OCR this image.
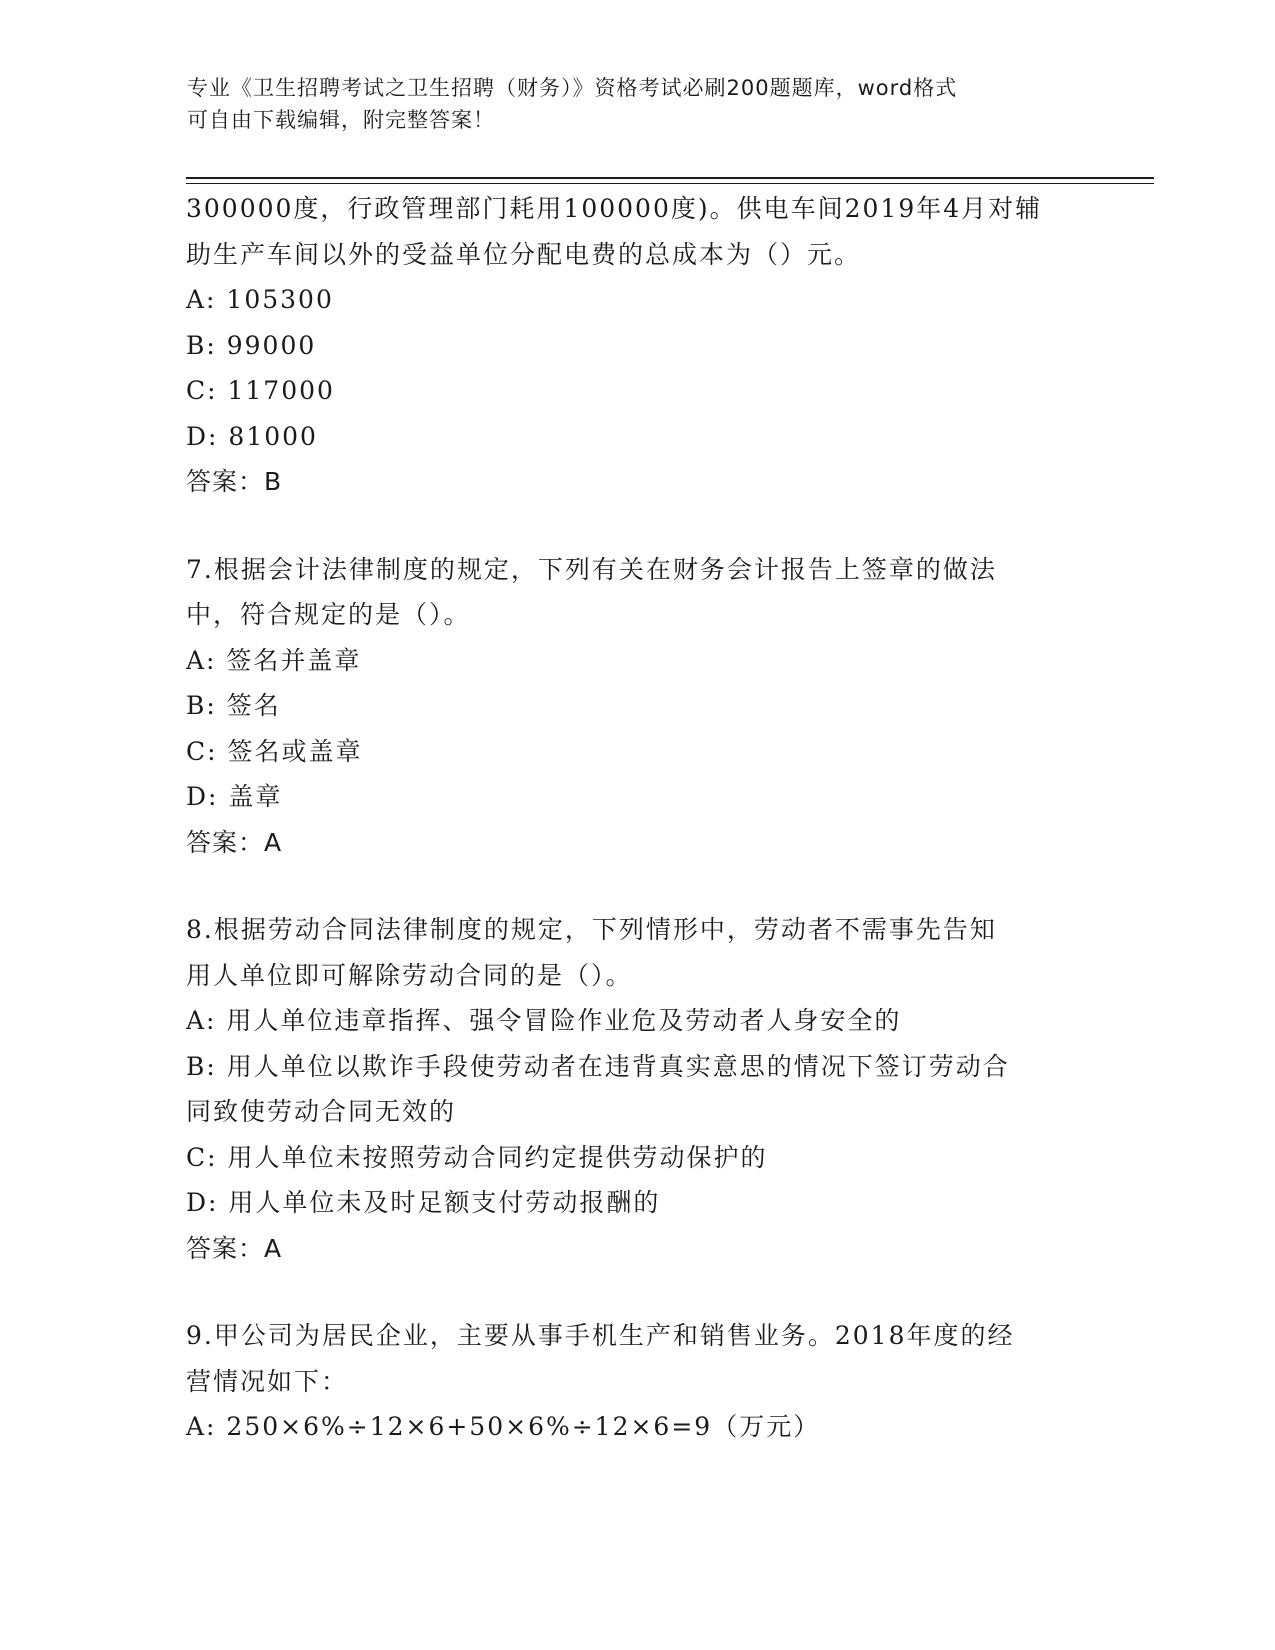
专业《卫生招聘考试之卫生招聘（财务）》资格考试必刷200题题库，word格式
可自由下载编辑，附完整答案！
300000度，行政管理部门耗用100000度)。供电车间2019年4月对辅
助生产车间以外的受益单位分配电费的总成本为（）元。
A: 105300
B: 99000
C: 117000
D: 81000
答案：B
7.根据会计法律制度的规定，下列有关在财务会计报告上签章的做法
中，符合规定的是（）。
A: 签名并盖章
B: 签名
C: 签名或盖章
D: 盖章
答案：A
8.根据劳动合同法律制度的规定，下列情形中，劳动者不需事先告知
用人单位即可解除劳动合同的是（）。
A: 用人单位违章指挥、强令冒险作业危及劳动者人身安全的
B: 用人单位以欺诈手段使劳动者在违背真实意思的情况下签订劳动合
同致使劳动合同无效的
C: 用人单位未按照劳动合同约定提供劳动保护的
D: 用人单位未及时足额支付劳动报酬的
答案：A
9.甲公司为居民企业，主要从事手机生产和销售业务。2018年度的经
营情况如下：
A: 250×6%÷12×6+50×6%÷12×6=9（万元）
